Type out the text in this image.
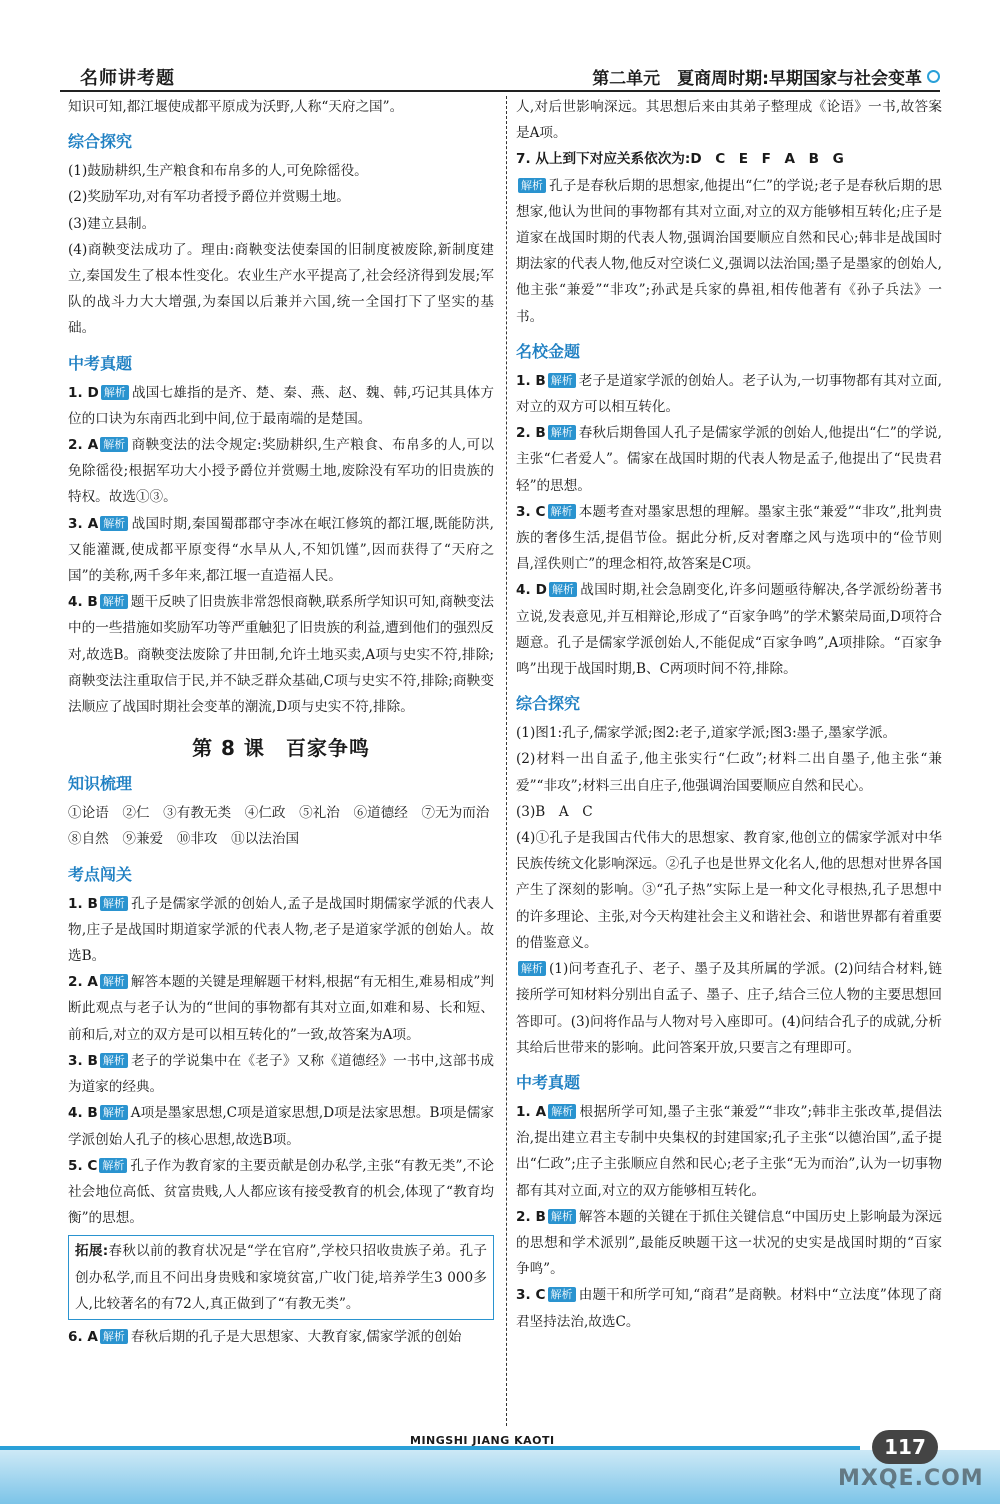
名师讲考题	第二单元　夏商周时期:早期国家与社会变革

知识可知,都江堰使成都平原成为沃野,人称“天府之国”。

综合探究

(1)鼓励耕织,生产粮食和布帛多的人,可免除徭役。

(2)奖励军功,对有军功者授予爵位并赏赐土地。

(3)建立县制。

(4)商鞅变法成功了。理由:商鞅变法使秦国的旧制度被废除,新制度建立,秦国发生了根本性变化。农业生产水平提高了,社会经济得到发展;军队的战斗力大大增强,为秦国以后兼并六国,统一全国打下了坚实的基础。

中考真题

1. D 解析 战国七雄指的是齐、楚、秦、燕、赵、魏、韩,巧记其具体方位的口诀为东南西北到中间,位于最南端的是楚国。

2. A 解析 商鞅变法的法令规定:奖励耕织,生产粮食、布帛多的人,可以免除徭役;根据军功大小授予爵位并赏赐土地,废除没有军功的旧贵族的特权。故选①③。

3. A 解析 战国时期,秦国蜀郡郡守李冰在岷江修筑的都江堰,既能防洪,又能灌溉,使成都平原变得“水旱从人,不知饥馑”,因而获得了“天府之国”的美称,两千多年来,都江堰一直造福人民。

4. B 解析 题干反映了旧贵族非常怨恨商鞅,联系所学知识可知,商鞅变法中的一些措施如奖励军功等严重触犯了旧贵族的利益,遭到他们的强烈反对,故选B。商鞅变法废除了井田制,允许土地买卖,A项与史实不符,排除;商鞅变法注重取信于民,并不缺乏群众基础,C项与史实不符,排除;商鞅变法顺应了战国时期社会变革的潮流,D项与史实不符,排除。

第 8 课　百家争鸣
知识梳理

①论语　②仁　③有教无类　④仁政　⑤礼治　⑥道德经　⑦无为而治

⑧自然　⑨兼爱　⑩非攻　⑪以法治国

考点闯关

1. B 解析 孔子是儒家学派的创始人,孟子是战国时期儒家学派的代表人物,庄子是战国时期道家学派的代表人物,老子是道家学派的创始人。故选B。

2. A 解析 解答本题的关键是理解题干材料,根据“有无相生,难易相成”判断此观点与老子认为的“世间的事物都有其对立面,如难和易、长和短、前和后,对立的双方是可以相互转化的”一致,故答案为A项。

3. B 解析 老子的学说集中在《老子》又称《道德经》一书中,这部书成为道家的经典。

4. B 解析 A项是墨家思想,C项是道家思想,D项是法家思想。B项是儒家学派创始人孔子的核心思想,故选B项。

5. C 解析 孔子作为教育家的主要贡献是创办私学,主张“有教无类”,不论社会地位高低、贫富贵贱,人人都应该有接受教育的机会,体现了“教育均衡”的思想。

拓展:春秋以前的教育状况是“学在官府”,学校只招收贵族子弟。孔子创办私学,而且不问出身贵贱和家境贫富,广收门徒,培养学生3 000多人,比较著名的有72人,真正做到了“有教无类”。

6. A 解析 春秋后期的孔子是大思想家、大教育家,儒家学派的创始

人,对后世影响深远。其思想后来由其弟子整理成《论语》一书,故答案是A项。

7. 从上到下对应关系依次为:D　C　E　F　A　B　G

解析 孔子是春秋后期的思想家,他提出“仁”的学说;老子是春秋后期的思想家,他认为世间的事物都有其对立面,对立的双方能够相互转化;庄子是道家在战国时期的代表人物,强调治国要顺应自然和民心;韩非是战国时期法家的代表人物,他反对空谈仁义,强调以法治国;墨子是墨家的创始人,他主张“兼爱”“非攻”;孙武是兵家的鼻祖,相传他著有《孙子兵法》一书。

名校金题

1. B 解析 老子是道家学派的创始人。老子认为,一切事物都有其对立面,对立的双方可以相互转化。

2. B 解析 春秋后期鲁国人孔子是儒家学派的创始人,他提出“仁”的学说,主张“仁者爱人”。儒家在战国时期的代表人物是孟子,他提出了“民贵君轻”的思想。

3. C 解析 本题考查对墨家思想的理解。墨家主张“兼爱”“非攻”,批判贵族的奢侈生活,提倡节俭。据此分析,反对奢靡之风与选项中的“俭节则昌,淫佚则亡”的理念相符,故答案是C项。

4. D 解析 战国时期,社会急剧变化,许多问题亟待解决,各学派纷纷著书立说,发表意见,并互相辩论,形成了“百家争鸣”的学术繁荣局面,D项符合题意。孔子是儒家学派创始人,不能促成“百家争鸣”,A项排除。“百家争鸣”出现于战国时期,B、C两项时间不符,排除。

综合探究

(1)图1:孔子,儒家学派;图2:老子,道家学派;图3:墨子,墨家学派。

(2)材料一出自孟子,他主张实行“仁政”;材料二出自墨子,他主张“兼爱”“非攻”;材料三出自庄子,他强调治国要顺应自然和民心。

(3)B　A　C

(4)①孔子是我国古代伟大的思想家、教育家,他创立的儒家学派对中华民族传统文化影响深远。②孔子也是世界文化名人,他的思想对世界各国产生了深刻的影响。③“孔子热”实际上是一种文化寻根热,孔子思想中的许多理论、主张,对今天构建社会主义和谐社会、和谐世界都有着重要的借鉴意义。

解析 (1)问考查孔子、老子、墨子及其所属的学派。(2)问结合材料,链接所学可知材料分别出自孟子、墨子、庄子,结合三位人物的主要思想回答即可。(3)问将作品与人物对号入座即可。(4)问结合孔子的成就,分析其给后世带来的影响。此问答案开放,只要言之有理即可。

中考真题

1. A 解析 根据所学可知,墨子主张“兼爱”“非攻”;韩非主张改革,提倡法治,提出建立君主专制中央集权的封建国家;孔子主张“以德治国”,孟子提出“仁政”;庄子主张顺应自然和民心;老子主张“无为而治”,认为一切事物都有其对立面,对立的双方能够相互转化。

2. B 解析 解答本题的关键在于抓住关键信息“中国历史上影响最为深远的思想和学术派别”,最能反映题干这一状况的史实是战国时期的“百家争鸣”。

3. C 解析 由题干和所学可知,“商君”是商鞅。材料中“立法度”体现了商君坚持法治,故选C。

MINGSHI JIANG KAOTI	117
MXQE.COM
